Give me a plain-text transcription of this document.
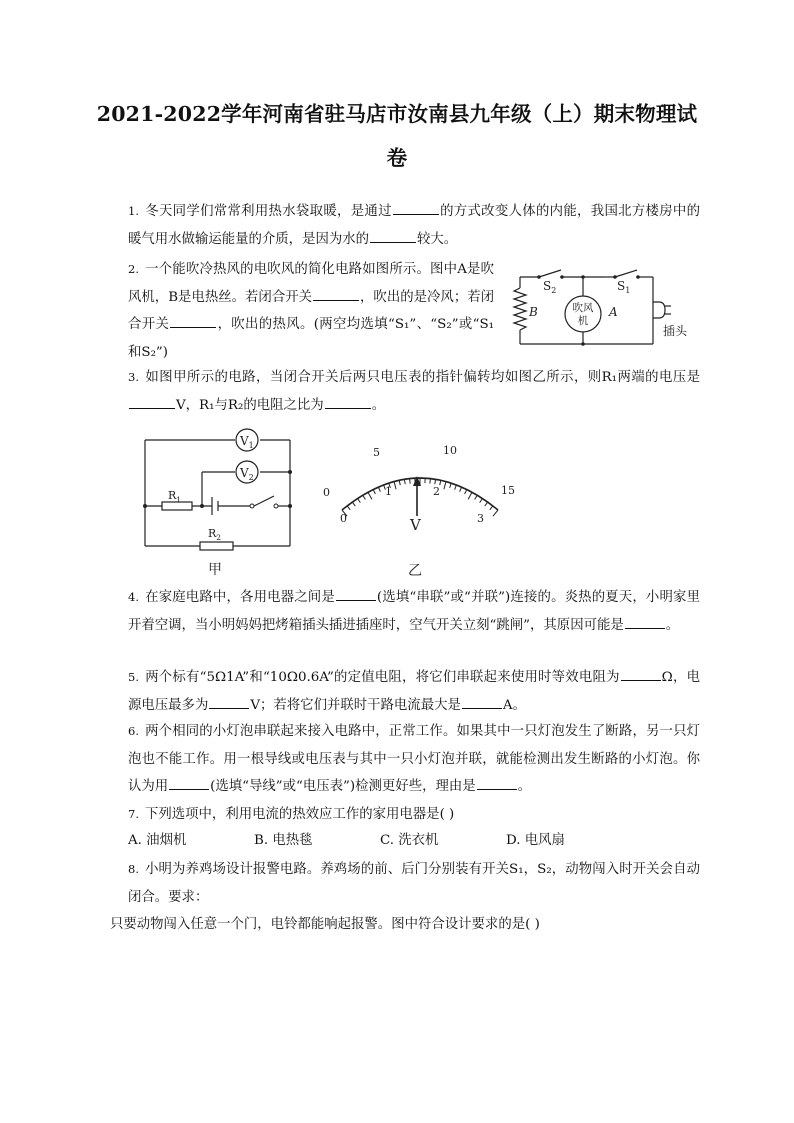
2021-2022学年河南省驻马店市汝南县九年级（上）期末物理试
卷

1. 冬天同学们常常利用热水袋取暖，是通过	的方式改变人体的内能，我国北方楼房中的暖气用水做输运能量的介质，是因为水的	较大。

2. 一个能吹冷热风的电吹风的简化电路如图所示。图中A是吹风机，B是电热丝。若闭合开关	，吹出的是冷风；若闭合开关	，吹出的热风。(两空均选填“S₁”、“S₂”或“S₁和S₂”)

$S_2$	$S_1$
吹风
机
A
B
插头

3. 如图甲所示的电路，当闭合开关后两只电压表的指针偏转均如图乙所示，则R₁两端的电压是V，R₁与R₂的电阻之比为	。

$V_1$
$V_2$
$R_1$
$R_2$
甲
0
5	10
15
0
1	2
3
V
乙

4. 在家庭电路中，各用电器之间是	(选填“串联”或“并联”)连接的。炎热的夏天，小明家里开着空调，当小明妈妈把烤箱插头插进插座时，空气开关立刻“跳闸”，其原因可能是	。

5. 两个标有“5Ω1A”和“10Ω0.6A”的定值电阻，将它们串联起来使用时等效电阻为	Ω，电源电压最多为	V；若将它们并联时干路电流最大是	A。

6. 两个相同的小灯泡串联起来接入电路中，正常工作。如果其中一只灯泡发生了断路，另一只灯泡也不能工作。用一根导线或电压表与其中一只小灯泡并联，就能检测出发生断路的小灯泡。你认为用	(选填“导线”或“电压表”)检测更好些，理由是	。

7. 下列选项中，利用电流的热效应工作的家用电器是( )

A. 油烟机	B. 电热毯	C. 洗衣机	D. 电风扇

8. 小明为养鸡场设计报警电路。养鸡场的前、后门分别装有开关S₁，S₂，动物闯入时开关会自动闭合。要求：
只要动物闯入任意一个门，电铃都能响起报警。图中符合设计要求的是( )
